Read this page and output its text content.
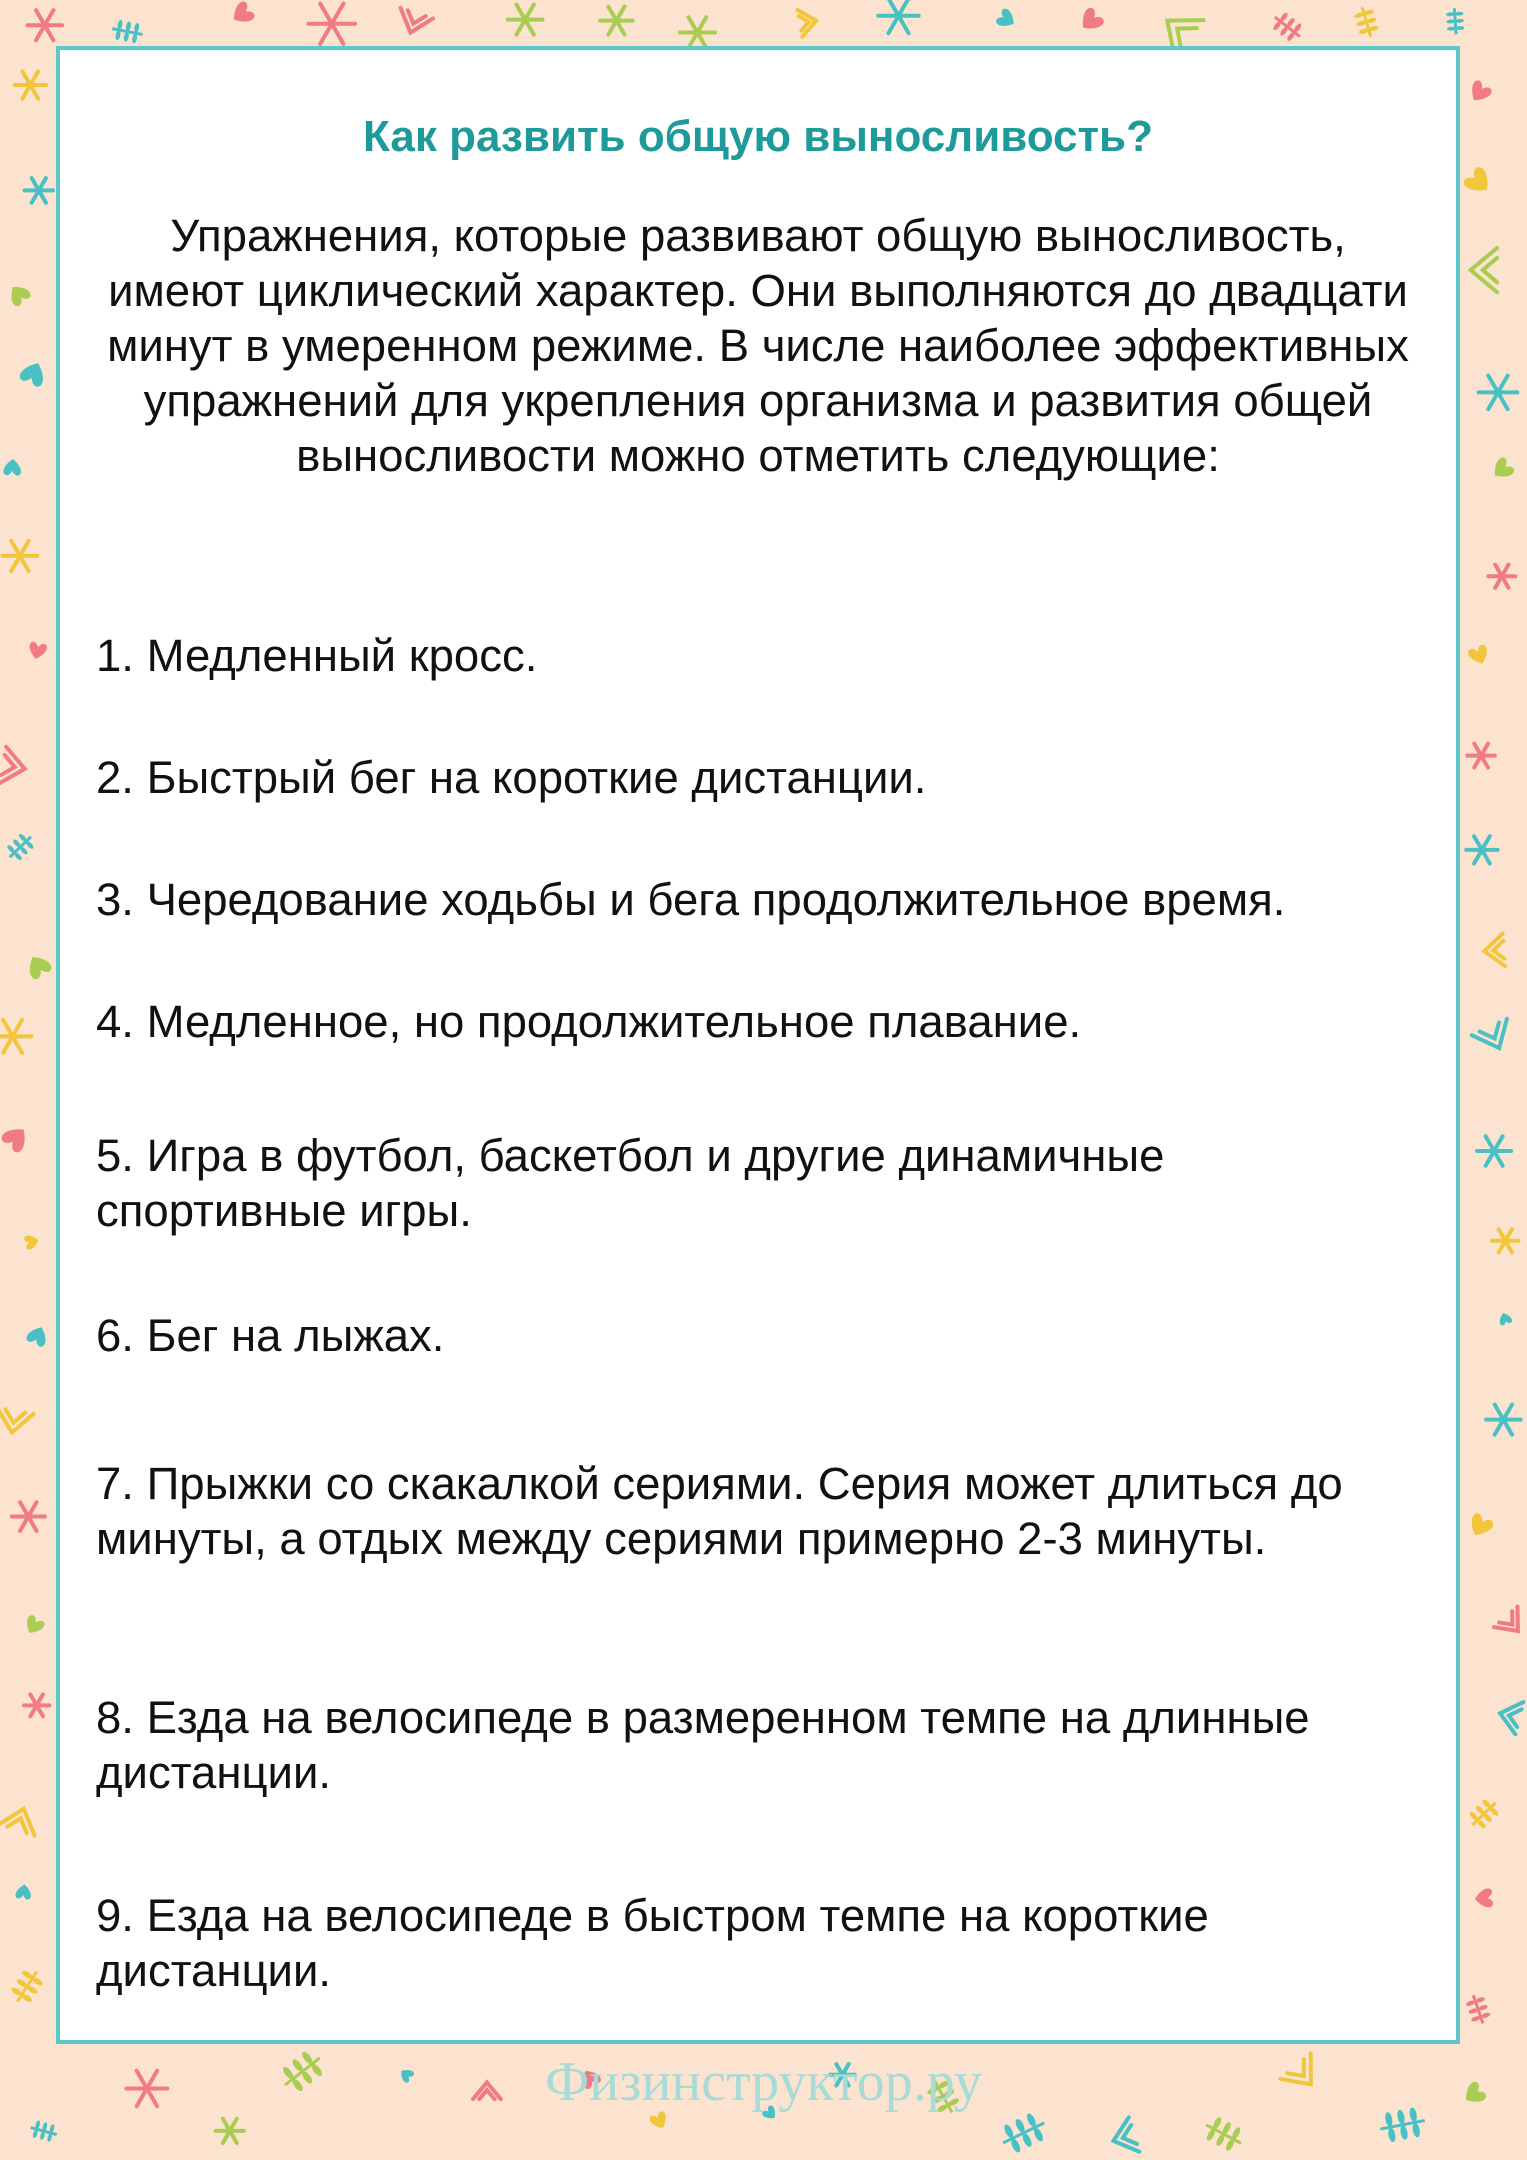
Как развить общую выносливость?

Упражнения, которые развивают общую выносливость, имеют циклический характер. Они выполняются до двадцати минут в умеренном режиме. В числе наиболее эффективных упражнений для укрепления организма и развития общей выносливости можно отметить следующие:

1. Медленный кросс.

2. Быстрый бег на короткие дистанции.

3. Чередование ходьбы и бега продолжительное время.

4. Медленное, но продолжительное плавание.

5. Игра в футбол, баскетбол и другие динамичные спортивные игры.

6. Бег на лыжах.

7. Прыжки со скакалкой сериями. Серия может длиться до минуты, а отдых между сериями примерно 2-3 минуты.

8. Езда на велосипеде в размеренном темпе на длинные дистанции.

9. Езда на велосипеде в быстром темпе на короткие дистанции.

Физинструктор.ру
